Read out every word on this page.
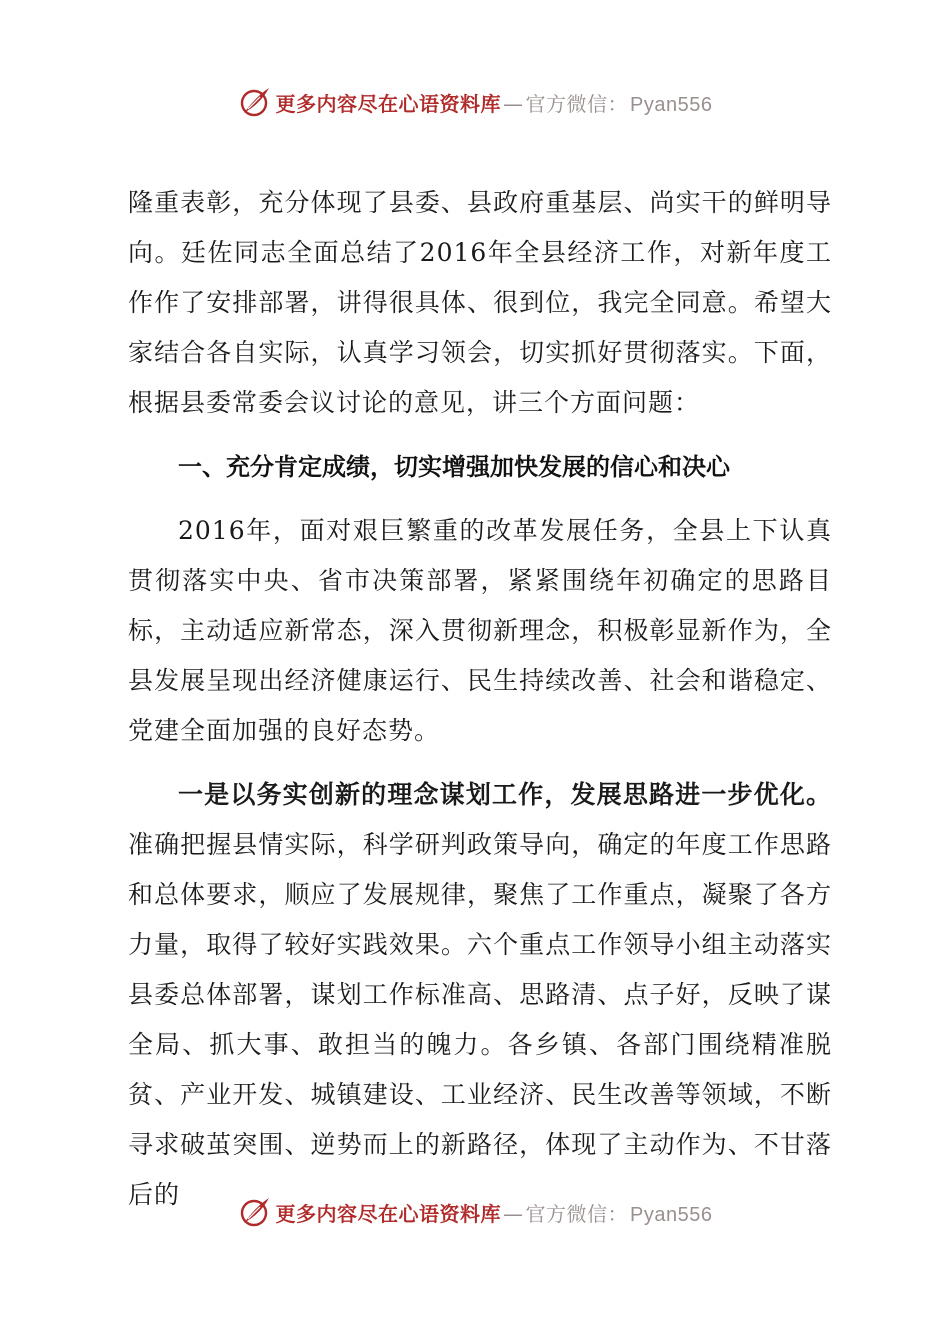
更多内容尽在心语资料库 — 官方微信： Pyan556

隆重表彰，充分体现了县委、县政府重基层、尚实干的鲜明导向。廷佐同志全面总结了2016年全县经济工作，对新年度工作作了安排部署，讲得很具体、很到位，我完全同意。希望大家结合各自实际，认真学习领会，切实抓好贯彻落实。下面，根据县委常委会议讨论的意见，讲三个方面问题：

一、充分肯定成绩，切实增强加快发展的信心和决心

2016年，面对艰巨繁重的改革发展任务，全县上下认真贯彻落实中央、省市决策部署，紧紧围绕年初确定的思路目标，主动适应新常态，深入贯彻新理念，积极彰显新作为，全县发展呈现出经济健康运行、民生持续改善、社会和谐稳定、党建全面加强的良好态势。

一是以务实创新的理念谋划工作，发展思路进一步优化。准确把握县情实际，科学研判政策导向，确定的年度工作思路和总体要求，顺应了发展规律，聚焦了工作重点，凝聚了各方力量，取得了较好实践效果。六个重点工作领导小组主动落实县委总体部署，谋划工作标准高、思路清、点子好，反映了谋全局、抓大事、敢担当的魄力。各乡镇、各部门围绕精准脱贫、产业开发、城镇建设、工业经济、民生改善等领域，不断寻求破茧突围、逆势而上的新路径，体现了主动作为、不甘落后的

更多内容尽在心语资料库 — 官方微信： Pyan556
